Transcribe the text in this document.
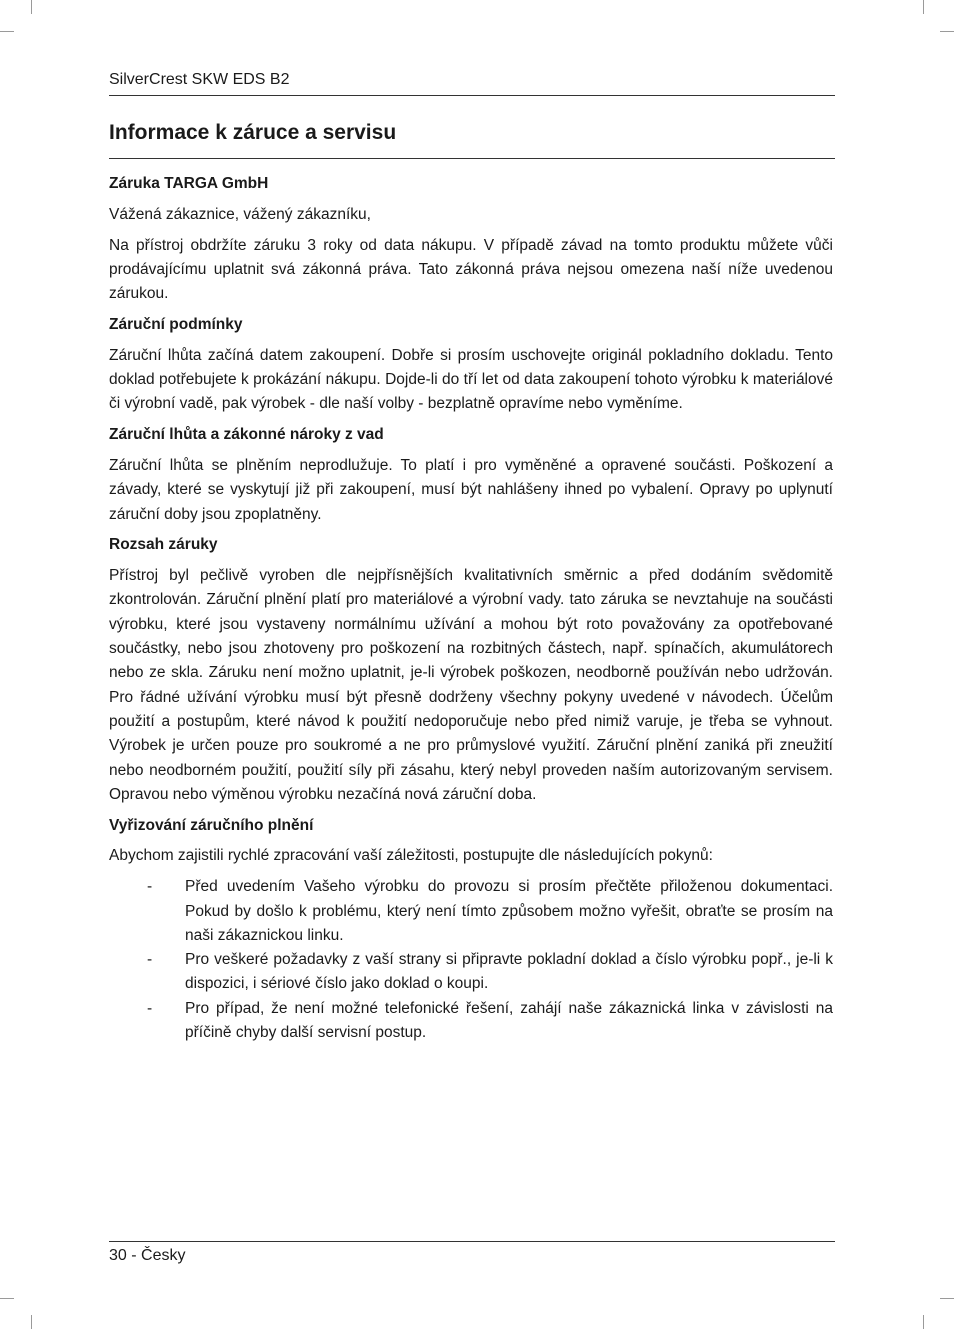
SilverCrest SKW EDS B2
Informace k záruce a servisu
Záruka TARGA GmbH

Vážená zákaznice, vážený zákazníku,

Na přístroj obdržíte záruku 3 roky od data nákupu. V případě závad na tomto produktu můžete vůči prodávajícímu uplatnit svá zákonná práva. Tato zákonná práva nejsou omezena naší níže uvedenou zárukou.

Záruční podmínky

Záruční lhůta začíná datem zakoupení. Dobře si prosím uschovejte originál pokladního dokladu. Tento doklad potřebujete k prokázání nákupu. Dojde-li do tří let od data zakoupení tohoto výrobku k materiálové či výrobní vadě, pak výrobek - dle naší volby - bezplatně opravíme nebo vyměníme.

Záruční lhůta a zákonné nároky z vad

Záruční lhůta se plněním neprodlužuje. To platí i pro vyměněné a opravené součásti. Poškození a závady, které se vyskytují již při zakoupení, musí být nahlášeny ihned po vybalení. Opravy po uplynutí záruční doby jsou zpoplatněny.

Rozsah záruky

Přístroj byl pečlivě vyroben dle nejpřísnějších kvalitativních směrnic a před dodáním svědomitě zkontrolován. Záruční plnění platí pro materiálové a výrobní vady. tato záruka se nevztahuje na součásti výrobku, které jsou vystaveny normálnímu užívání a mohou být roto považovány za opotřebované součástky, nebo jsou zhotoveny pro poškození na rozbitných částech, např. spínačích, akumulátorech nebo ze skla. Záruku není možno uplatnit, je-li výrobek poškozen, neodborně používán nebo udržován. Pro řádné užívání výrobku musí být přesně dodrženy všechny pokyny uvedené v návodech. Účelům použití a postupům, které návod k použití nedoporučuje nebo před nimiž varuje, je třeba se vyhnout. Výrobek je určen pouze pro soukromé a ne pro průmyslové využití. Záruční plnění zaniká při zneužití nebo neodborném použití, použití síly při zásahu, který nebyl proveden naším autorizovaným servisem. Opravou nebo výměnou výrobku nezačíná nová záruční doba.

Vyřizování záručního plnění

Abychom zajistili rychlé zpracování vaší záležitosti, postupujte dle následujících pokynů:

- Před uvedením Vašeho výrobku do provozu si prosím přečtěte přiloženou dokumentaci. Pokud by došlo k problému, který není tímto způsobem možno vyřešit, obraťte se prosím na naši zákaznickou linku.
- Pro veškeré požadavky z vaší strany si připravte pokladní doklad a číslo výrobku popř., je-li k dispozici, i sériové číslo jako doklad o koupi.
- Pro případ, že není možné telefonické řešení, zahájí naše zákaznická linka v závislosti na příčině chyby další servisní postup.
30 - Česky
